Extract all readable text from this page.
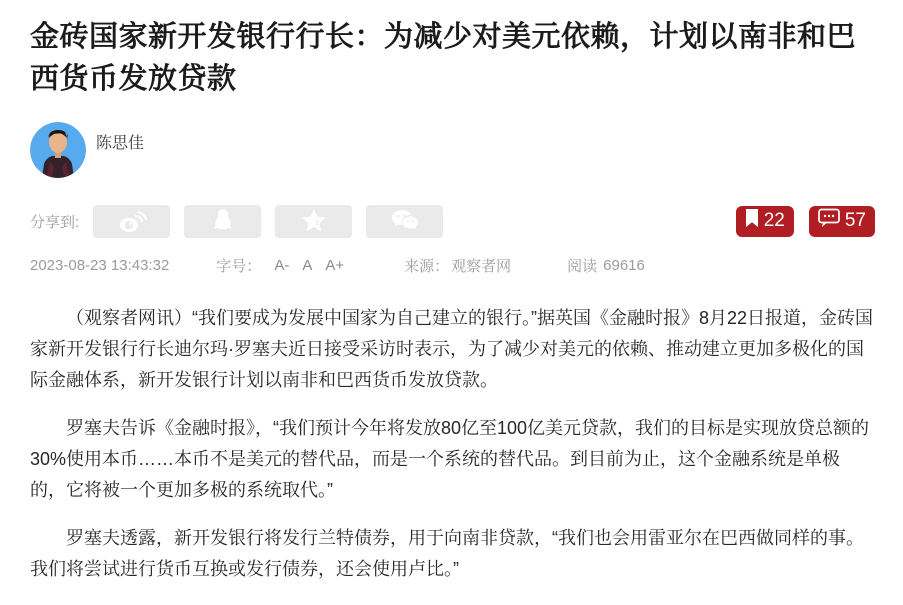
金砖国家新开发银行行长：为减少对美元依赖，计划以南非和巴西货币发放贷款
陈思佳
分享到:	z	22	57
2023-08-23 13:43:32	字号： A- A A+	来源： 观察者网	阅读 69616

（观察者网讯）“我们要成为发展中国家为自己建立的银行。”据英国《金融时报》8月22日报道，金砖国家新开发银行行长迪尔玛·罗塞夫近日接受采访时表示，为了减少对美元的依赖、推动建立更加多极化的国际金融体系，新开发银行计划以南非和巴西货币发放贷款。

罗塞夫告诉《金融时报》，“我们预计今年将发放80亿至100亿美元贷款，我们的目标是实现放贷总额的30%使用本币……本币不是美元的替代品，而是一个系统的替代品。到目前为止，这个金融系统是单极的，它将被一个更加多极的系统取代。”

罗塞夫透露，新开发银行将发行兰特债券，用于向南非贷款，“我们也会用雷亚尔在巴西做同样的事。我们将尝试进行货币互换或发行债券，还会使用卢比。”
